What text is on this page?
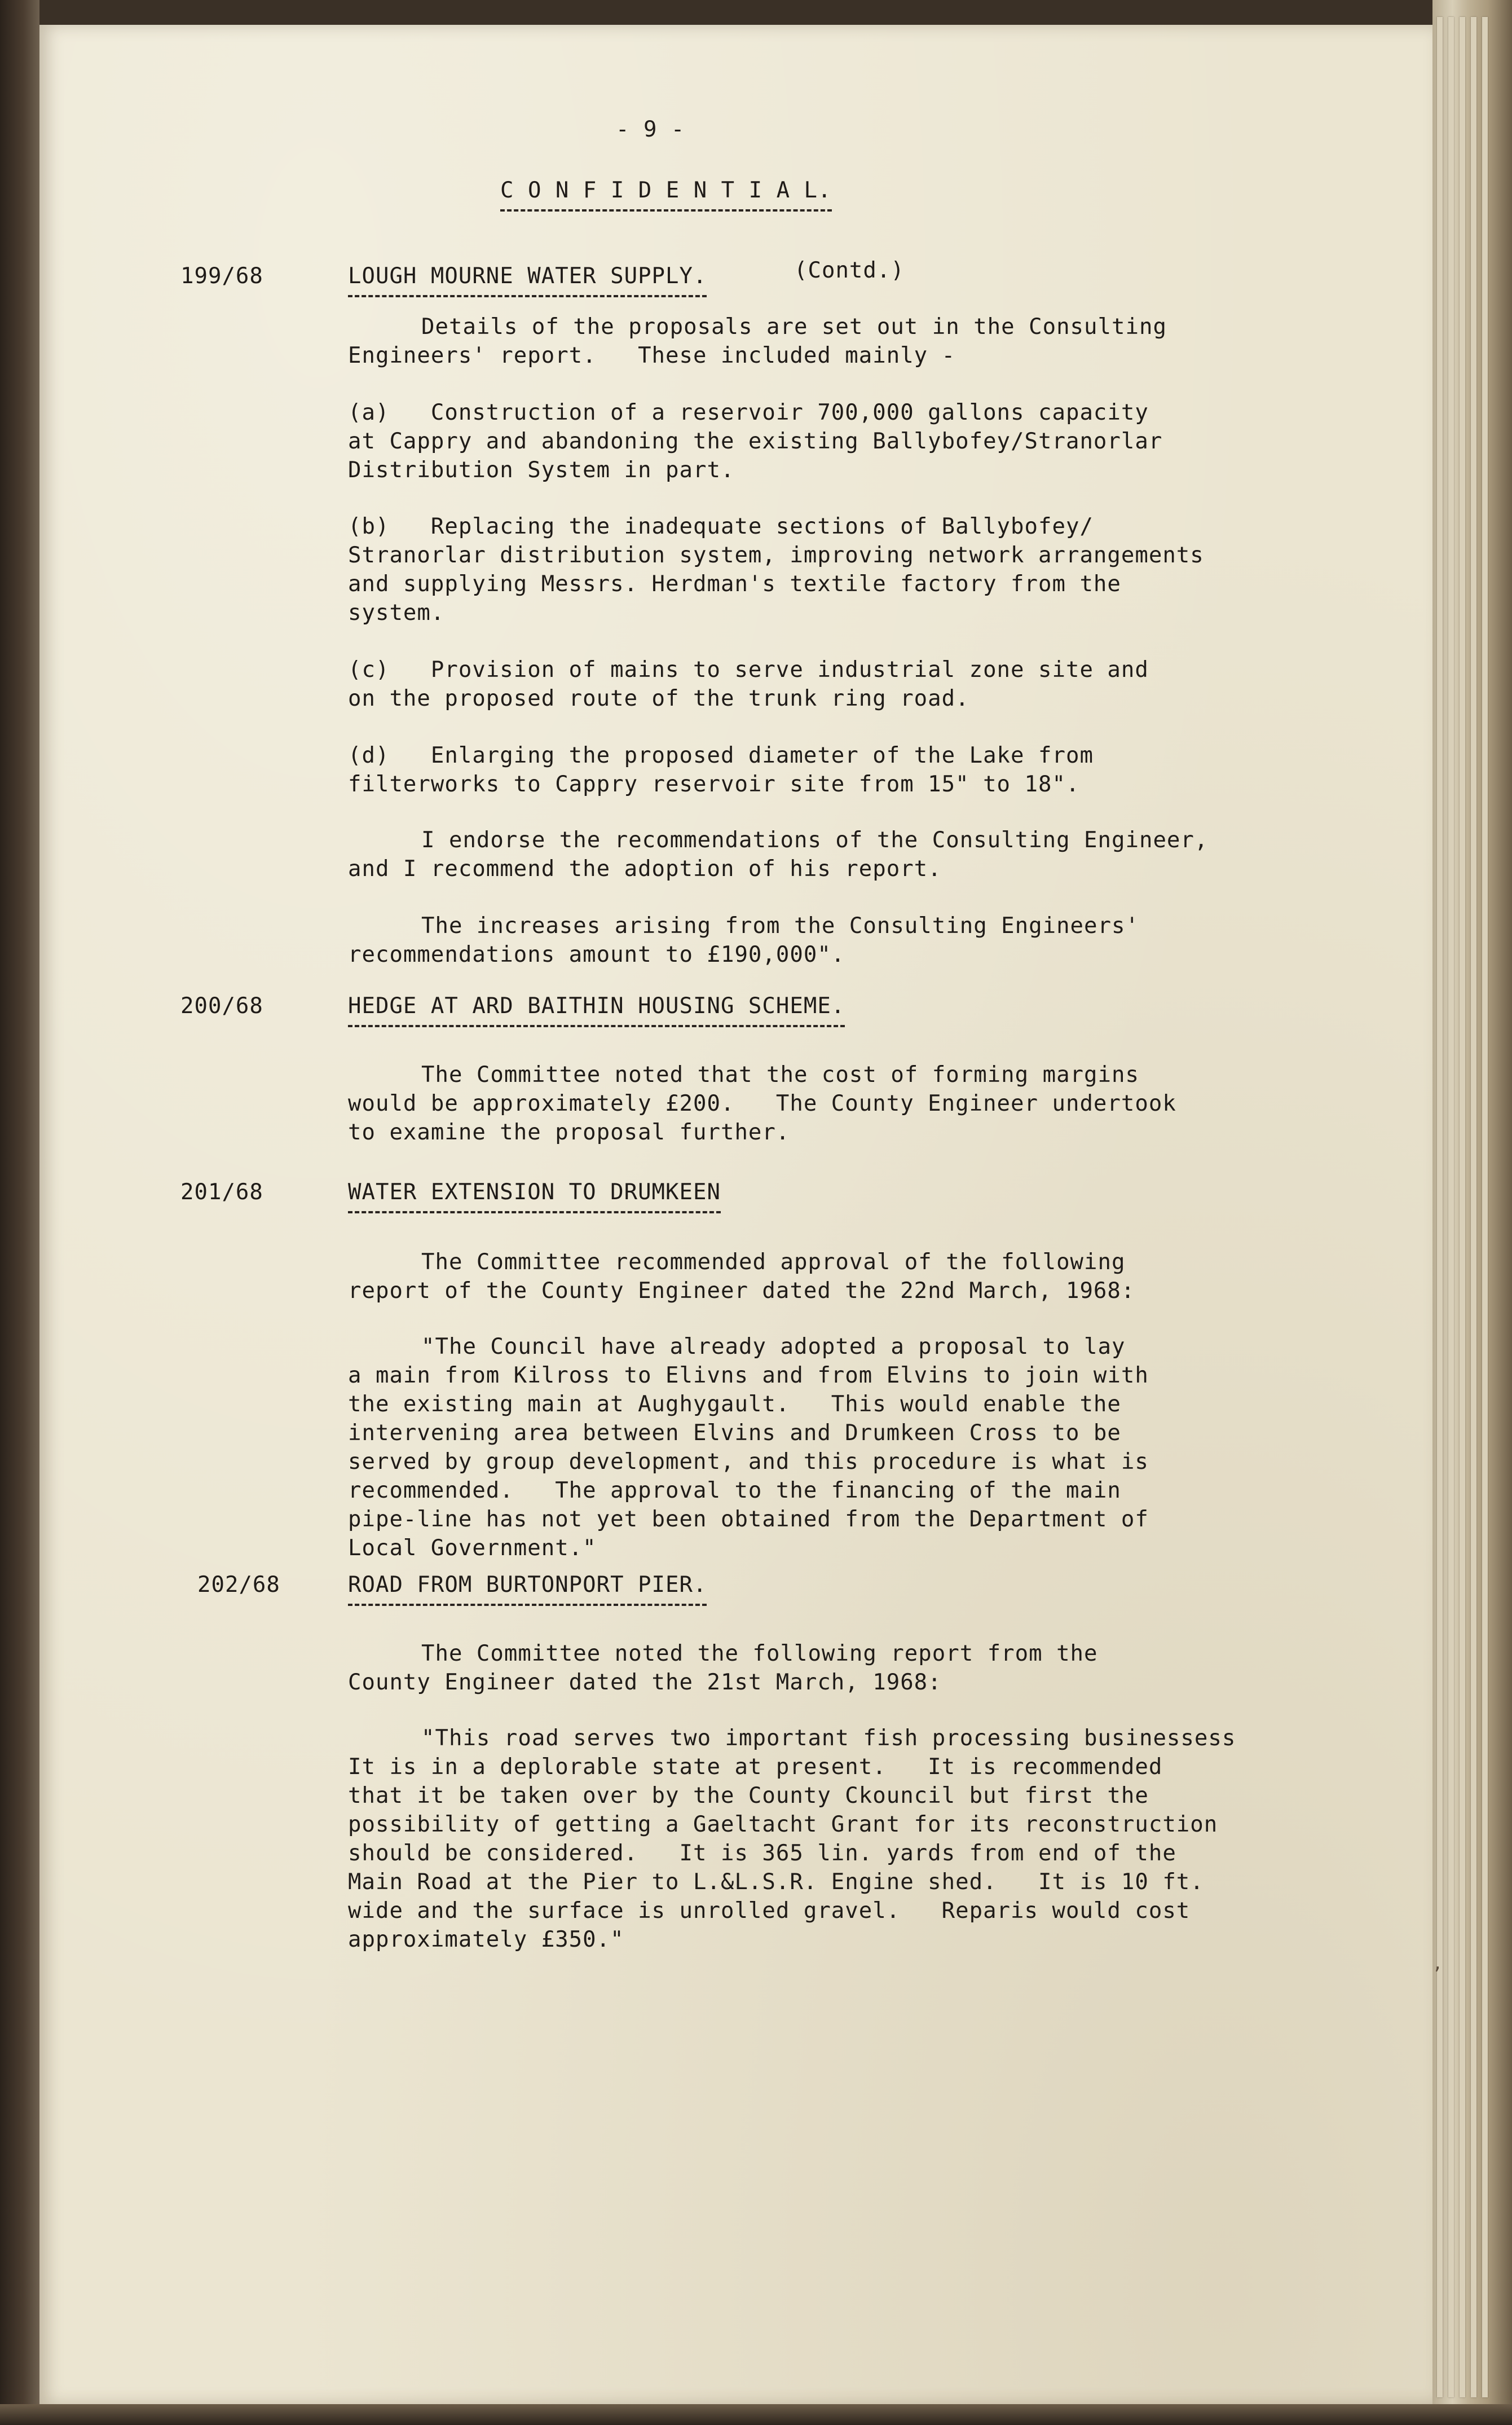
- 9 -
C O N F I D E N T I A L.
199/68	LOUGH MOURNE WATER SUPPLY.	(Contd.)
Details of the proposals are set out in the Consulting
Engineers' report.   These included mainly -
(a)   Construction of a reservoir 700,000 gallons capacity
at Cappry and abandoning the existing Ballybofey/Stranorlar
Distribution System in part.
(b)   Replacing the inadequate sections of Ballybofey/
Stranorlar distribution system, improving network arrangements
and supplying Messrs. Herdman's textile factory from the
system.
(c)   Provision of mains to serve industrial zone site and
on the proposed route of the trunk ring road.
(d)   Enlarging the proposed diameter of the Lake from
filterworks to Cappry reservoir site from 15" to 18".
I endorse the recommendations of the Consulting Engineer,
and I recommend the adoption of his report.
The increases arising from the Consulting Engineers'
recommendations amount to £190,000".
200/68	HEDGE AT ARD BAITHIN HOUSING SCHEME.
The Committee noted that the cost of forming margins
would be approximately £200.   The County Engineer undertook
to examine the proposal further.
201/68	WATER EXTENSION TO DRUMKEEN
The Committee recommended approval of the following
report of the County Engineer dated the 22nd March, 1968:
"The Council have already adopted a proposal to lay
a main from Kilross to Elivns and from Elvins to join with
the existing main at Aughygault.   This would enable the
intervening area between Elvins and Drumkeen Cross to be
served by group development, and this procedure is what is
recommended.   The approval to the financing of the main
pipe-line has not yet been obtained from the Department of
Local Government."
202/68	ROAD FROM BURTONPORT PIER.
The Committee noted the following report from the
County Engineer dated the 21st March, 1968:
"This road serves two important fish processing businessess
It is in a deplorable state at present.   It is recommended
that it be taken over by the County Ckouncil but first the
possibility of getting a Gaeltacht Grant for its reconstruction
should be considered.   It is 365 lin. yards from end of the
Main Road at the Pier to L.&L.S.R. Engine shed.   It is 10 ft.
wide and the surface is unrolled gravel.   Reparis would cost
approximately £350."
‚
